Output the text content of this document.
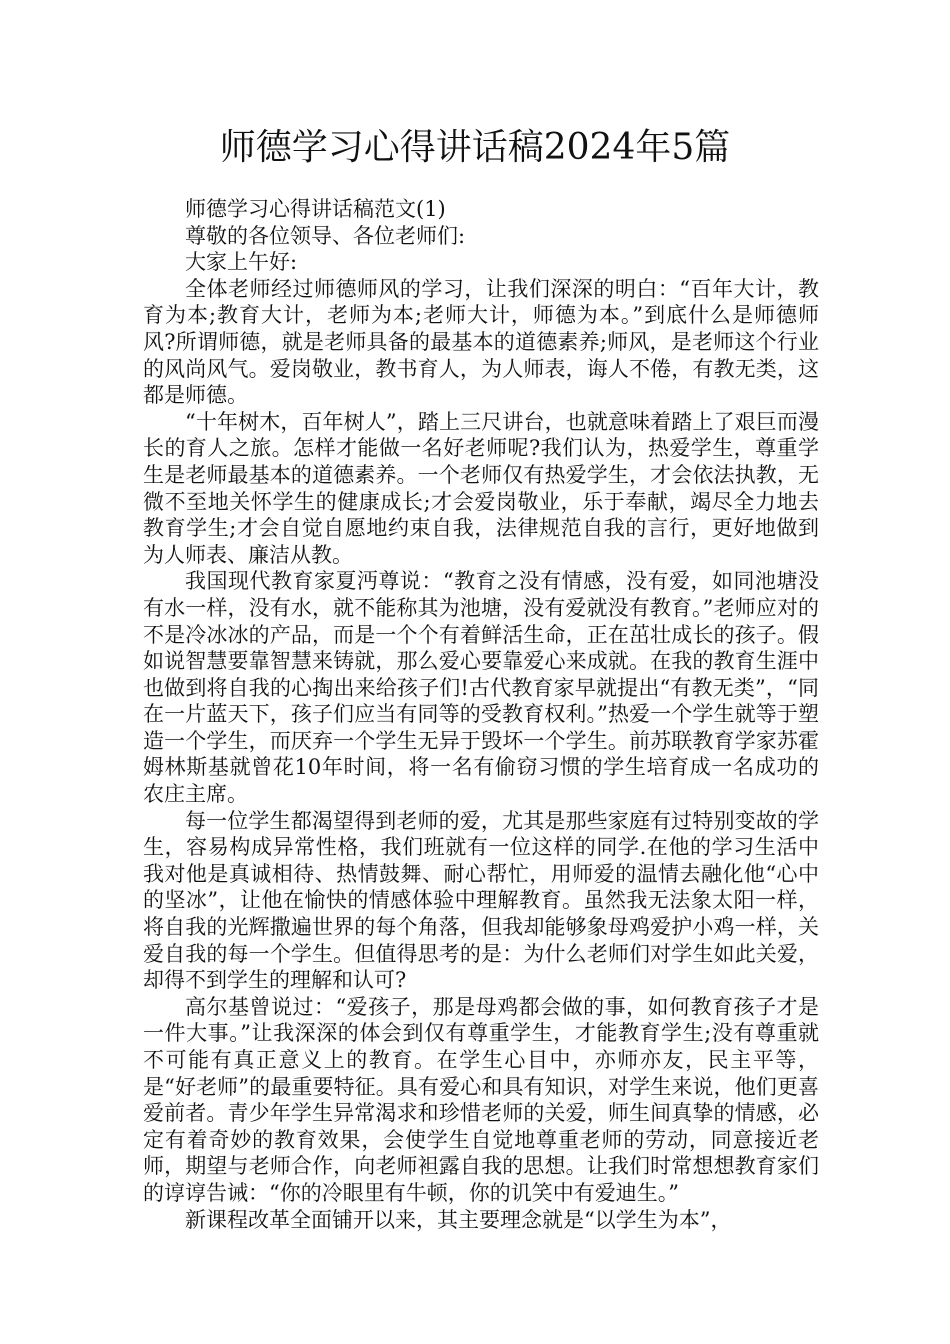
师德学习心得讲话稿2024年5篇

师德学习心得讲话稿范文(1)

尊敬的各位领导、各位老师们:

大家上午好:

全体老师经过师德师风的学习，让我们深深的明白：“百年大计，教育为本;教育大计，老师为本;老师大计，师德为本。”到底什么是师德师风?所谓师德，就是老师具备的最基本的道德素养;师风，是老师这个行业的风尚风气。爱岗敬业，教书育人，为人师表，诲人不倦，有教无类，这都是师德。

“十年树木，百年树人”，踏上三尺讲台，也就意味着踏上了艰巨而漫长的育人之旅。怎样才能做一名好老师呢?我们认为，热爱学生，尊重学生是老师最基本的道德素养。一个老师仅有热爱学生，才会依法执教，无微不至地关怀学生的健康成长;才会爱岗敬业，乐于奉献，竭尽全力地去教育学生;才会自觉自愿地约束自我，法律规范自我的言行，更好地做到为人师表、廉洁从教。

我国现代教育家夏沔尊说：“教育之没有情感，没有爱，如同池塘没有水一样，没有水，就不能称其为池塘，没有爱就没有教育。”老师应对的不是冷冰冰的产品，而是一个个有着鲜活生命，正在茁壮成长的孩子。假如说智慧要靠智慧来铸就，那么爱心要靠爱心来成就。在我的教育生涯中也做到将自我的心掏出来给孩子们!古代教育家早就提出“有教无类”，“同在一片蓝天下，孩子们应当有同等的受教育权利。”热爱一个学生就等于塑造一个学生，而厌弃一个学生无异于毁坏一个学生。前苏联教育学家苏霍姆林斯基就曾花10年时间，将一名有偷窃习惯的学生培育成一名成功的农庄主席。

每一位学生都渴望得到老师的爱，尤其是那些家庭有过特别变故的学生，容易构成异常性格，我们班就有一位这样的同学.在他的学习生活中我对他是真诚相待、热情鼓舞、耐心帮忙，用师爱的温情去融化他“心中的坚冰”，让他在愉快的情感体验中理解教育。虽然我无法象太阳一样，将自我的光辉撒遍世界的每个角落，但我却能够象母鸡爱护小鸡一样，关爱自我的每一个学生。但值得思考的是：为什么老师们对学生如此关爱，却得不到学生的理解和认可?

高尔基曾说过：“爱孩子，那是母鸡都会做的事，如何教育孩子才是一件大事。”让我深深的体会到仅有尊重学生，才能教育学生;没有尊重就不可能有真正意义上的教育。在学生心目中，亦师亦友，民主平等，是“好老师”的最重要特征。具有爱心和具有知识，对学生来说，他们更喜爱前者。青少年学生异常渴求和珍惜老师的关爱，师生间真挚的情感，必定有着奇妙的教育效果，会使学生自觉地尊重老师的劳动，同意接近老师，期望与老师合作，向老师袒露自我的思想。让我们时常想想教育家们的谆谆告诫：“你的冷眼里有牛顿，你的讥笑中有爱迪生。”

新课程改革全面铺开以来，其主要理念就是“以学生为本”，
